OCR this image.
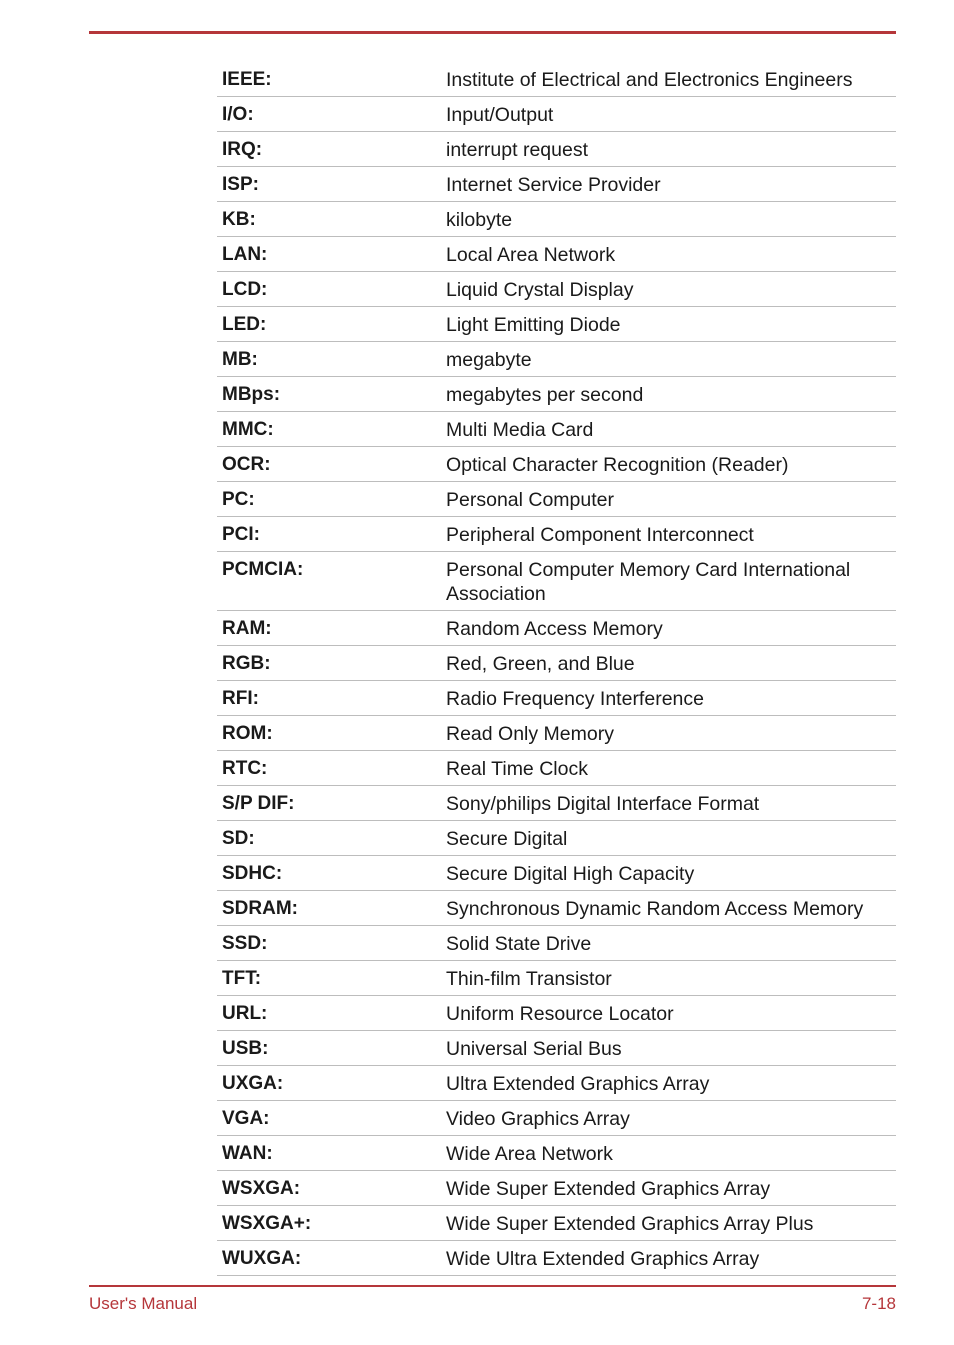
IEEE:	Institute of Electrical and Electronics Engineers
I/O:	Input/Output
IRQ:	interrupt request
ISP:	Internet Service Provider
KB:	kilobyte
LAN:	Local Area Network
LCD:	Liquid Crystal Display
LED:	Light Emitting Diode
MB:	megabyte
MBps:	megabytes per second
MMC:	Multi Media Card
OCR:	Optical Character Recognition (Reader)
PC:	Personal Computer
PCI:	Peripheral Component Interconnect
PCMCIA:	Personal Computer Memory Card International Association
RAM:	Random Access Memory
RGB:	Red, Green, and Blue
RFI:	Radio Frequency Interference
ROM:	Read Only Memory
RTC:	Real Time Clock
S/P DIF:	Sony/philips Digital Interface Format
SD:	Secure Digital
SDHC:	Secure Digital High Capacity
SDRAM:	Synchronous Dynamic Random Access Memory
SSD:	Solid State Drive
TFT:	Thin-film Transistor
URL:	Uniform Resource Locator
USB:	Universal Serial Bus
UXGA:	Ultra Extended Graphics Array
VGA:	Video Graphics Array
WAN:	Wide Area Network
WSXGA:	Wide Super Extended Graphics Array
WSXGA+:	Wide Super Extended Graphics Array Plus
WUXGA:	Wide Ultra Extended Graphics Array
User's Manual	7-18
